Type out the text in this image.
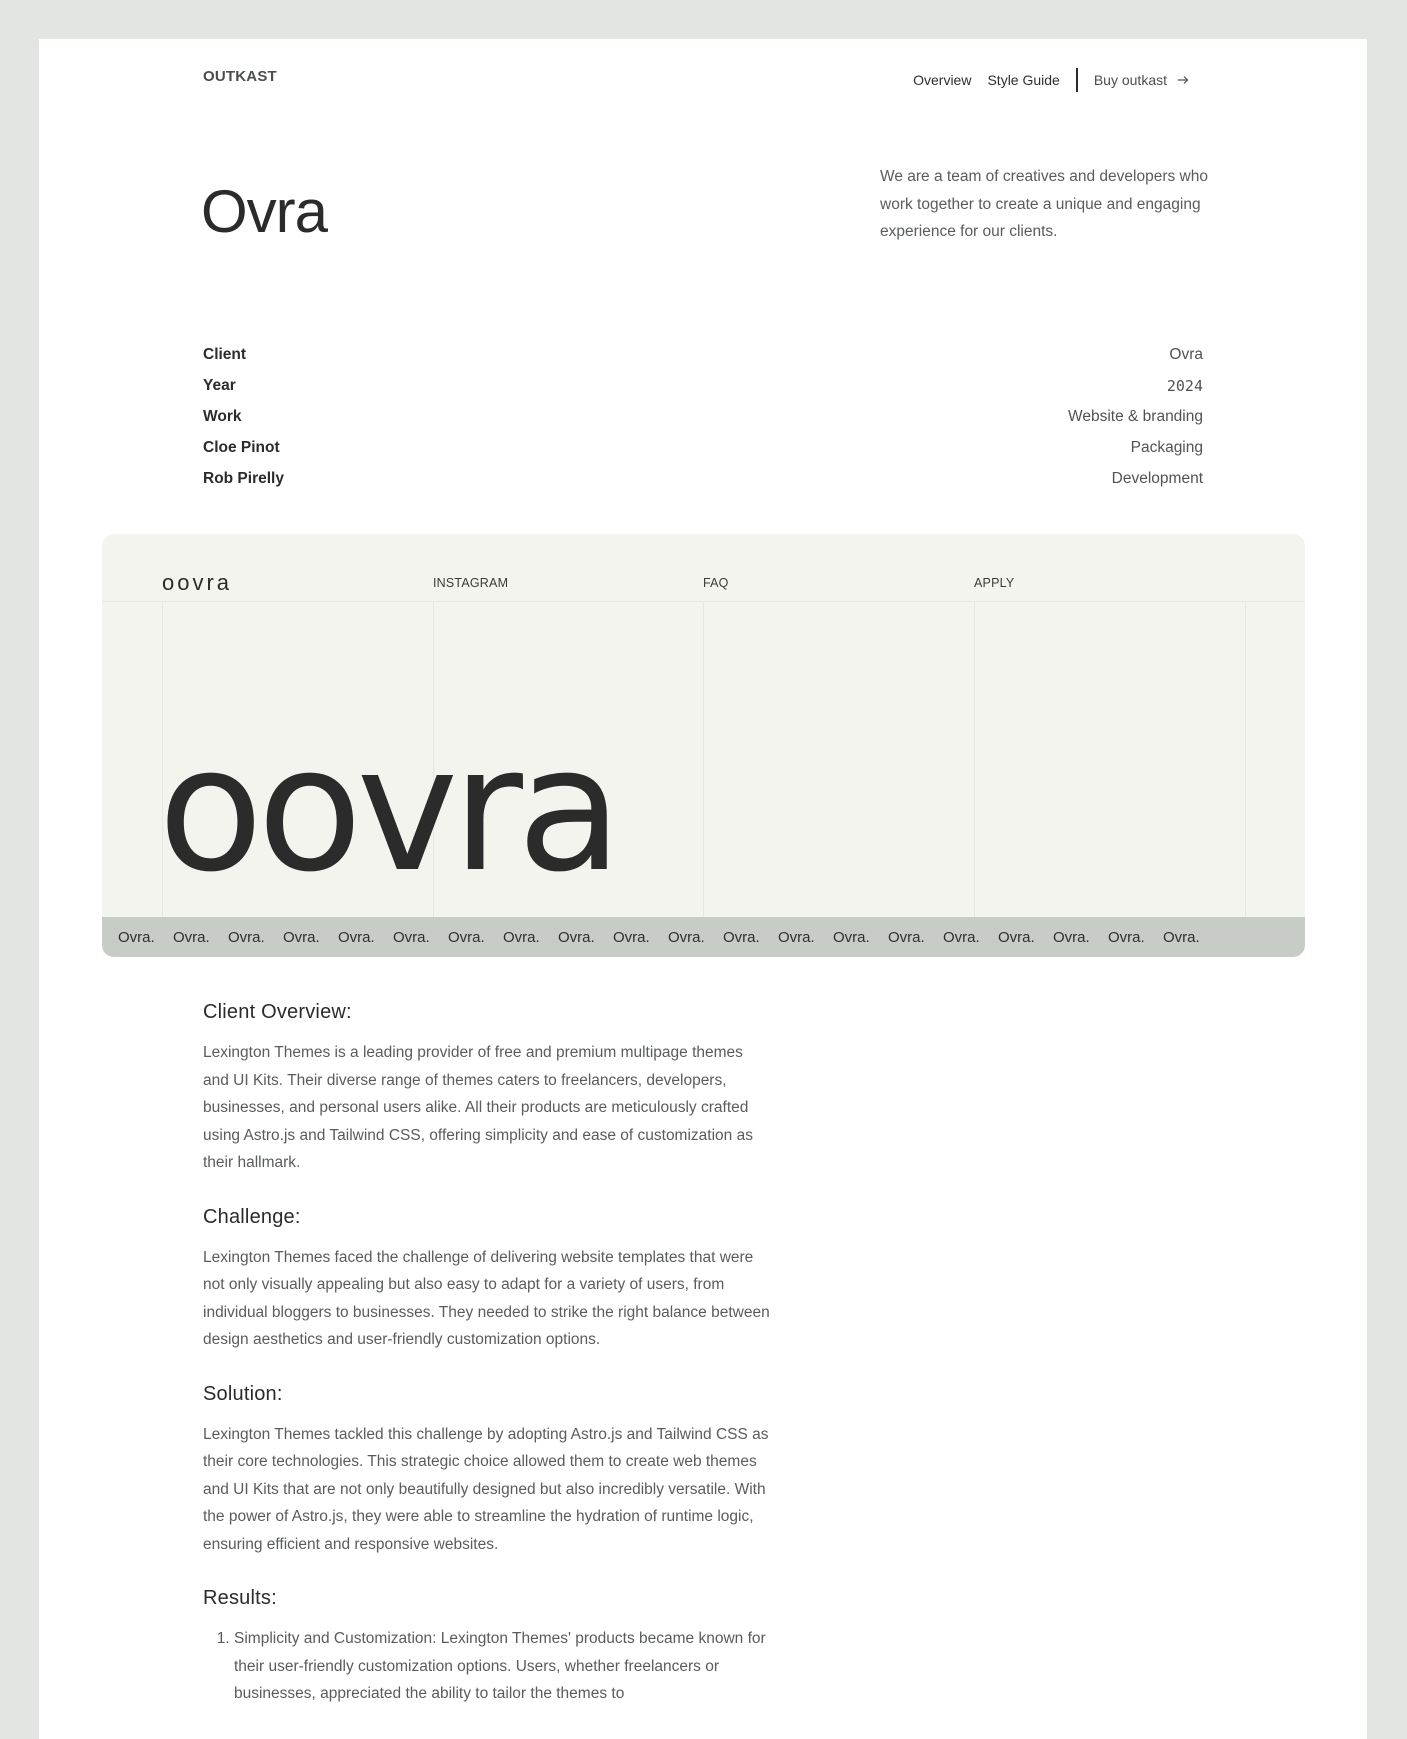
OUTKAST	Overview Style Guide Buy outkast
Ovra

We are a team of creatives and developers who work together to create a unique and engaging experience for our clients.

Client	Ovra
Year	2024
Work	Website & branding
Cloe Pinot	Packaging
Rob Pirelly	Development
oovra	INSTAGRAM	FAQ	APPLY
oovra
Ovra.	Ovra.	Ovra.	Ovra.	Ovra.	Ovra.	Ovra.	Ovra.	Ovra.	Ovra.	Ovra.	Ovra.	Ovra.	Ovra.	Ovra.	Ovra.	Ovra.	Ovra.	Ovra.	Ovra.
Client Overview:

Lexington Themes is a leading provider of free and premium multipage themes and UI Kits. Their diverse range of themes caters to freelancers, developers, businesses, and personal users alike. All their products are meticulously crafted using Astro.js and Tailwind CSS, offering simplicity and ease of customization as their hallmark.

Challenge:

Lexington Themes faced the challenge of delivering website templates that were not only visually appealing but also easy to adapt for a variety of users, from individual bloggers to businesses. They needed to strike the right balance between design aesthetics and user-friendly customization options.

Solution:

Lexington Themes tackled this challenge by adopting Astro.js and Tailwind CSS as their core technologies. This strategic choice allowed them to create web themes and UI Kits that are not only beautifully designed but also incredibly versatile. With the power of Astro.js, they were able to streamline the hydration of runtime logic, ensuring efficient and responsive websites.

Results:
1. Simplicity and Customization: Lexington Themes' products became known for their user-friendly customization options. Users, whether freelancers or businesses, appreciated the ability to tailor the themes to
